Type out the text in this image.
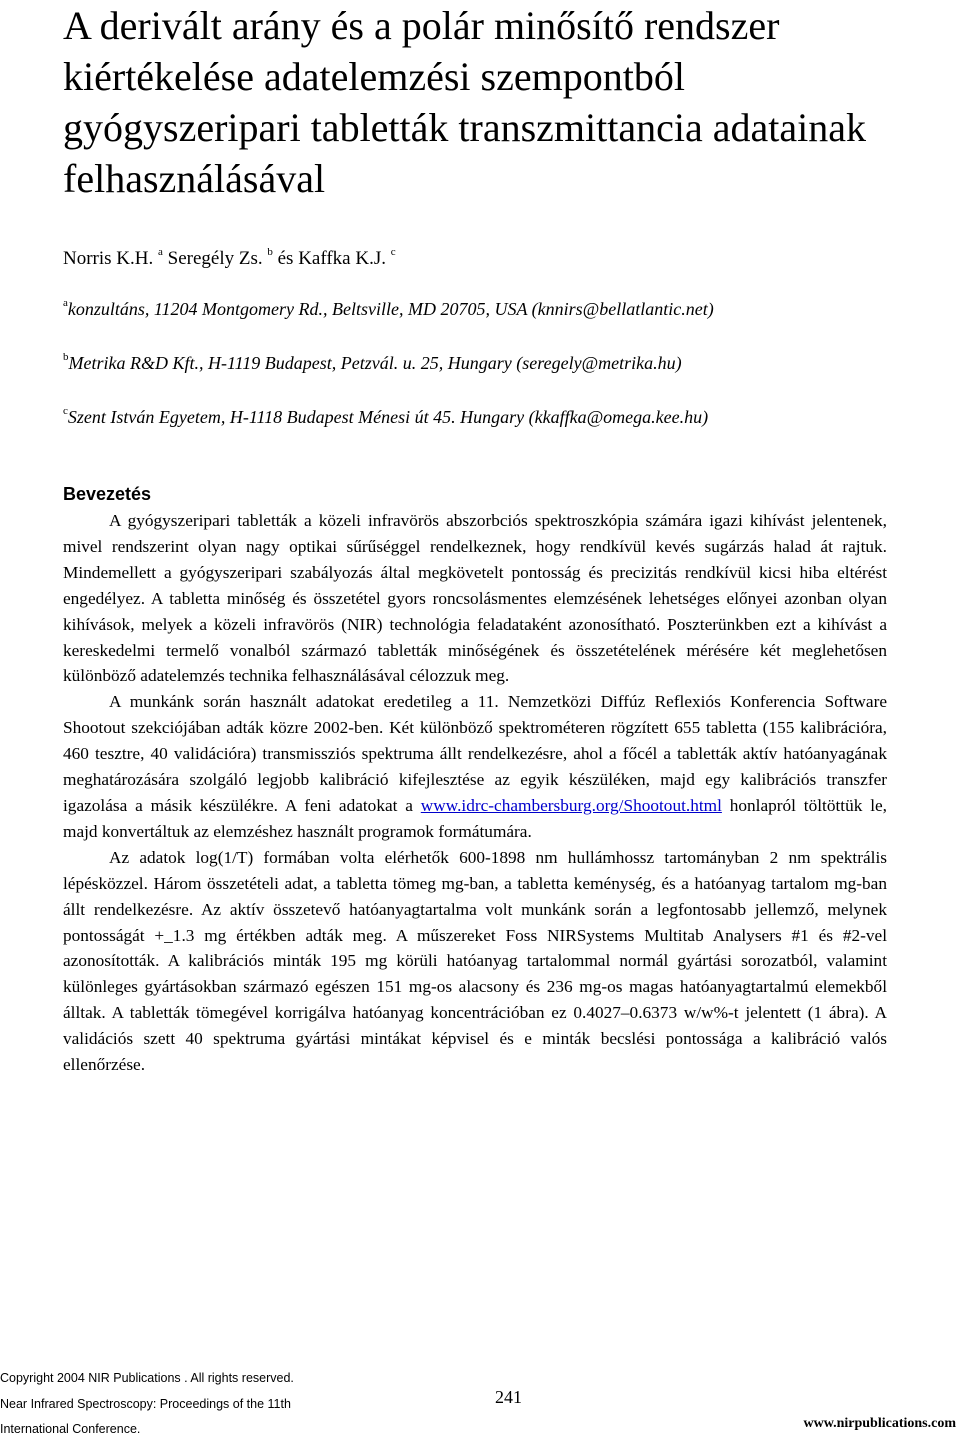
A derivált arány és a polár minősítő rendszer kiértékelése adatelemzési szempontból gyógyszeripari tabletták transzmittancia adatainak felhasználásával
Norris K.H. $^a$ Seregély Zs. $^b$ és Kaffka K.J. $^c$
$^a$konzultáns, 11204 Montgomery Rd., Beltsville, MD 20705, USA (knnirs@bellatlantic.net)
$^b$Metrika R&D Kft., H-1119 Budapest, Petzvál. u. 25, Hungary (seregely@metrika.hu)
$^c$Szent István Egyetem, H-1118 Budapest Ménesi út 45. Hungary (kkaffka@omega.kee.hu)
Bevezetés

A gyógyszeripari tabletták a közeli infravörös abszorbciós spektroszkópia számára igazi kihívást jelentenek, mivel rendszerint olyan nagy optikai sűrűséggel rendelkeznek, hogy rendkívül kevés sugárzás halad át rajtuk. Mindemellett a gyógyszeripari szabályozás által megkövetelt pontosság és precizitás rendkívül kicsi hiba eltérést engedélyez. A tabletta minőség és összetétel gyors roncsolásmentes elemzésének lehetséges előnyei azonban olyan kihívások, melyek a közeli infravörös (NIR) technológia feladataként azonosítható. Poszterünkben ezt a kihívást a kereskedelmi termelő vonalból származó tabletták minőségének és összetételének mérésére két meglehetősen különböző adatelemzés technika felhasználásával célozzuk meg.

A munkánk során használt adatokat eredetileg a 11. Nemzetközi Diffúz Reflexiós Konferencia Software Shootout szekciójában adták közre 2002-ben. Két különböző spektrométeren rögzített 655 tabletta (155 kalibrációra, 460 tesztre, 40 validációra) transmissziós spektruma állt rendelkezésre, ahol a főcél a tabletták aktív hatóanyagának meghatározására szolgáló legjobb kalibráció kifejlesztése az egyik készüléken, majd egy kalibrációs transzfer igazolása a másik készülékre. A feni adatokat a www.idrc-chambersburg.org/Shootout.html honlapról töltöttük le, majd konvertáltuk az elemzéshez használt programok formátumára.

Az adatok log(1/T) formában volta elérhetők 600-1898 nm hullámhossz tartományban 2 nm spektrális lépésközzel. Három összetételi adat, a tabletta tömeg mg-ban, a tabletta keménység, és a hatóanyag tartalom mg-ban állt rendelkezésre. Az aktív összetevő hatóanyagtartalma volt munkánk során a legfontosabb jellemző, melynek pontosságát +_1.3 mg értékben adták meg. A műszereket Foss NIRSystems Multitab Analysers #1 és #2-vel azonosították. A kalibrációs minták 195 mg körüli hatóanyag tartalommal normál gyártási sorozatból, valamint különleges gyártásokban származó egészen 151 mg-os alacsony és 236 mg-os magas hatóanyagtartalmú elemekből álltak. A tabletták tömegével korrigálva hatóanyag koncentrációban ez 0.4027–0.6373 w/w%-t jelentett (1 ábra). A validációs szett 40 spektruma gyártási mintákat képvisel és e minták becslési pontossága a kalibráció valós ellenőrzése.

Copyright 2004 NIR Publications . All rights reserved.
Near Infrared Spectroscopy: Proceedings of the 11th
International Conference.
241
www.nirpublications.com
